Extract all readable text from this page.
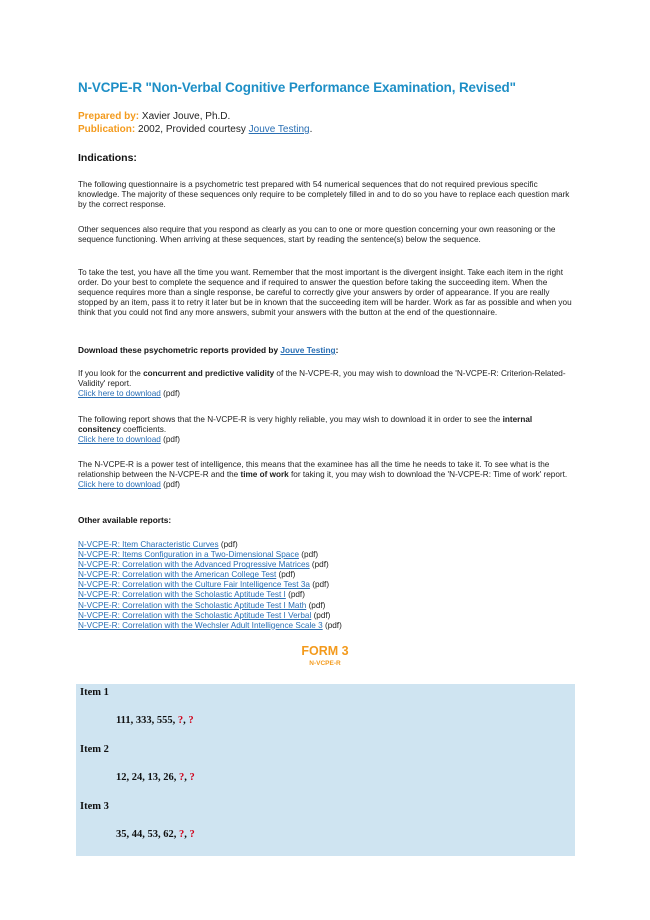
N-VCPE-R "Non-Verbal Cognitive Performance Examination, Revised"
Prepared by: Xavier Jouve, Ph.D.
Publication: 2002, Provided courtesy Jouve Testing.
Indications:
The following questionnaire is a psychometric test prepared with 54 numerical sequences that do not required previous specific knowledge. The majority of these sequences only require to be completely filled in and to do so you have to replace each question mark by the correct response.
Other sequences also require that you respond as clearly as you can to one or more question concerning your own reasoning or the sequence functioning. When arriving at these sequences, start by reading the sentence(s) below the sequence.
To take the test, you have all the time you want. Remember that the most important is the divergent insight. Take each item in the right order. Do your best to complete the sequence and if required to answer the question before taking the succeeding item. When the sequence requires more than a single response, be careful to correctly give your answers by order of appearance. If you are really stopped by an item, pass it to retry it later but be in known that the succeeding item will be harder. Work as far as possible and when you think that you could not find any more answers, submit your answers with the button at the end of the questionnaire.
Download these psychometric reports provided by Jouve Testing:
If you look for the concurrent and predictive validity of the N-VCPE-R, you may wish to download the 'N-VCPE-R: Criterion-Related-Validity' report.
Click here to download (pdf)
The following report shows that the N-VCPE-R is very highly reliable, you may wish to download it in order to see the internal consitency coefficients.
Click here to download (pdf)
The N-VCPE-R is a power test of intelligence, this means that the examinee has all the time he needs to take it. To see what is the relationship between the N-VCPE-R and the time of work for taking it, you may wish to download the 'N-VCPE-R: Time of work' report.
Click here to download (pdf)
Other available reports:
N-VCPE-R: Item Characteristic Curves (pdf)
N-VCPE-R: Items Configuration in a Two-Dimensional Space (pdf)
N-VCPE-R: Correlation with the Advanced Progressive Matrices (pdf)
N-VCPE-R: Correlation with the American College Test (pdf)
N-VCPE-R: Correlation with the Culture Fair Intelligence Test 3a (pdf)
N-VCPE-R: Correlation with the Scholastic Aptitude Test I (pdf)
N-VCPE-R: Correlation with the Scholastic Aptitude Test I Math (pdf)
N-VCPE-R: Correlation with the Scholastic Aptitude Test I Verbal (pdf)
N-VCPE-R: Correlation with the Wechsler Adult Intelligence Scale 3 (pdf)
FORM 3
N-VCPE-R
Item 1
111, 333, 555, ?, ?
Item 2
12, 24, 13, 26, ?, ?
Item 3
35, 44, 53, 62, ?, ?
